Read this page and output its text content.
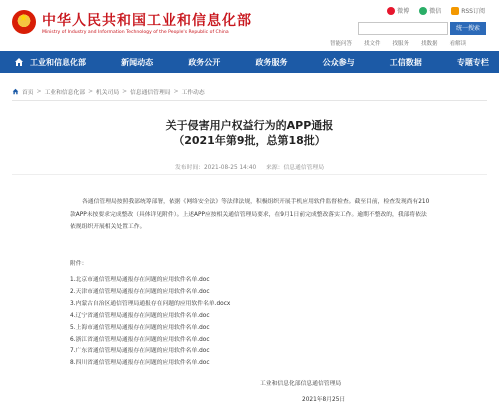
★
中华人民共和国工业和信息化部
Ministry of Industry and Information Technology of the People's Republic of China
微博	微信	RSS订阅
统一搜索
智能问答 找文件 找服务 找数据 看解读
工业和信息化部	新闻动态	政务公开	政务服务	公众参与	工信数据	专题专栏
首页 > 工业和信息化部 > 机关司局 > 信息通信管理局 > 工作动态
关于侵害用户权益行为的APP通报
（2021年第9批，总第18批）
发布时间：2021-08-25 14:40 来源：信息通信管理局

各通信管理局按照我部统筹部署，依据《网络安全法》等法律法规，积极组织开展手机应用软件监督检查。截至目前，检查发现尚有210款APP未按要求完成整改（具体详见附件）。上述APP应按相关通信管理局要求，在9月1日前完成整改落实工作。逾期不整改的，我部将依法依规组织开展相关处置工作。

附件：
1.北京市通信管理局通报存在问题的应用软件名单.doc
2.天津市通信管理局通报存在问题的应用软件名单.doc
3.内蒙古自治区通信管理局通报存在问题的应用软件名单.docx
4.辽宁省通信管理局通报存在问题的应用软件名单.doc
5.上海市通信管理局通报存在问题的应用软件名单.doc
6.浙江省通信管理局通报存在问题的应用软件名单.doc
7.广东省通信管理局通报存在问题的应用软件名单.doc
8.四川省通信管理局通报存在问题的应用软件名单.doc
工业和信息化部信息通信管理局
2021年8月25日
